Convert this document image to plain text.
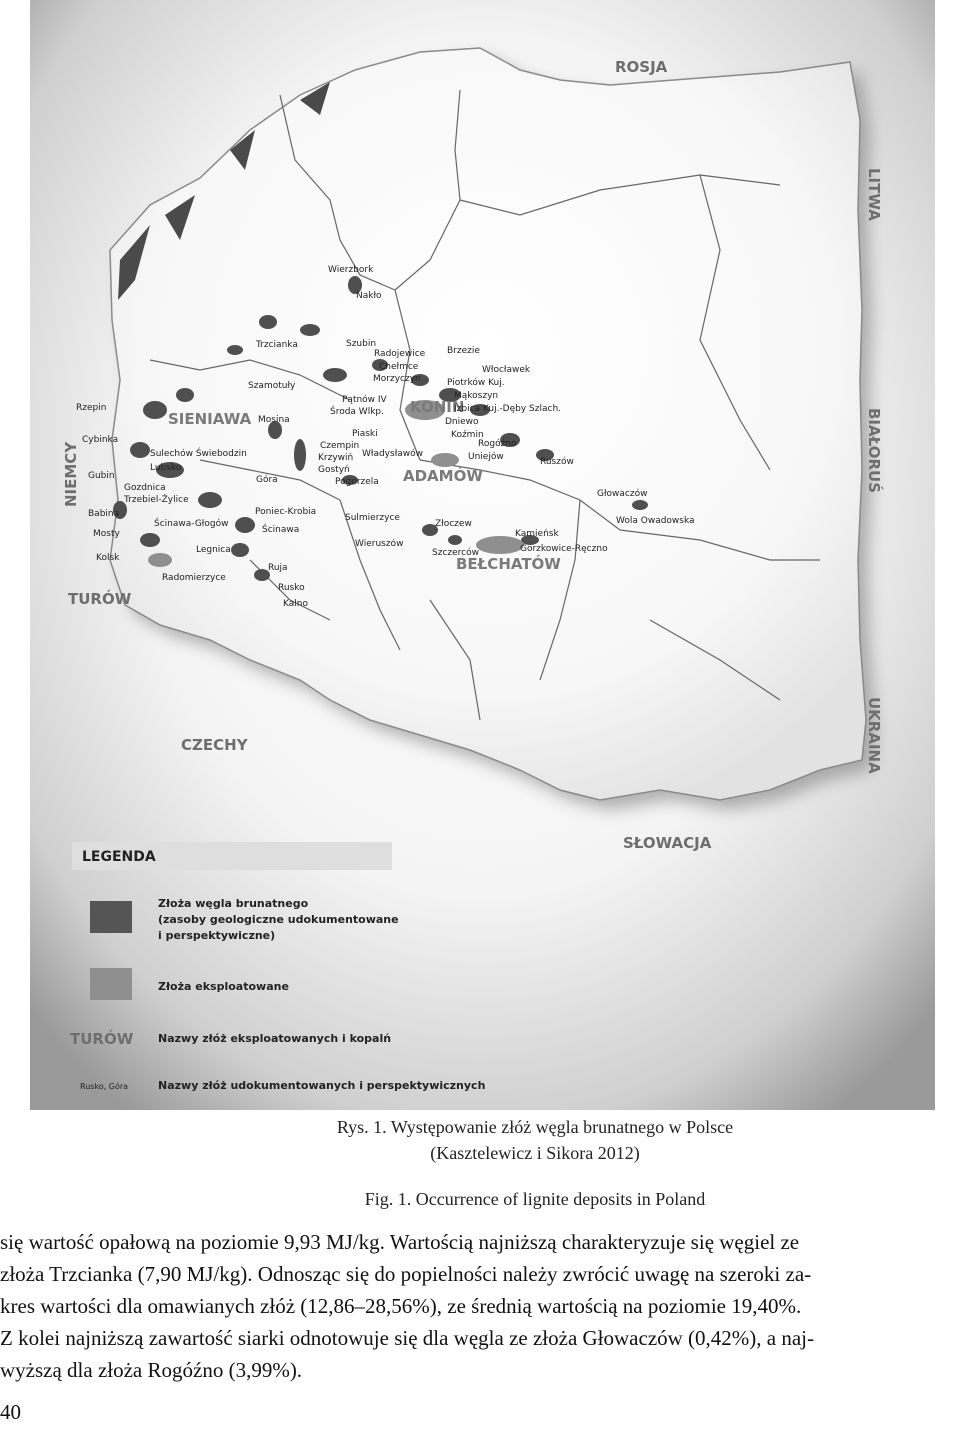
ROSJA
CZECHY
SŁOWACJA
TURÓW
LITWA
BIAŁORUŚ
UKRAINA
NIEMCY
SIENIAWA
KONIN
ADAMÓW
BEŁCHATÓW
Wierzbork
Nakło
Szubin
Radojewice Brzezie
Chełmce
Morzyczyn
Włocławek
Piotrków Kuj.
Trzcianka
Szamotuły
Pątnów IV
Środa Wlkp.
Mąkoszyn
Izbica Kuj.-Dęby Szlach.
Dniewo
Koźmin
Rogóźno
Mosina
Piaski
Czempin
Krzywiń
Gostyń
Władysławów	Uniejów	Ruszów
Pogorzela
Góra
Rzepin
Cybinka
Gubin
Sulechów Świebodzin
Lubsko
Babina
Mosty
Kolsk
Gozdnica
Trzebiel-Żylice
Ścinawa-Głogów
Legnica
Radomierzyce
Poniec-Krobia
Sulmierzyce
Ścinawa
Ruja
Rusko
Kalno
Wieruszów
Złoczew
Szczerców
Kamieńsk
Gorzkowice-Ręczno
Głowaczów
Wola Owadowska
LEGENDA
Złoża węgla brunatnego (zasoby geologiczne udokumentowane i perspektywiczne)
Złoża eksploatowane
TURÓW Nazwy złóż eksploatowanych i kopalń
Rusko, Góra	Nazwy złóż udokumentowanych i perspektywicznych
Rys. 1. Występowanie złóż węgla brunatnego w Polsce
(Kasztelewicz i Sikora 2012)
Fig. 1. Occurrence of lignite deposits in Poland

się wartość opałową na poziomie 9,93 MJ/kg. Wartością najniższą charakteryzuje się węgiel ze

złoża Trzcianka (7,90 MJ/kg). Odnosząc się do popielności należy zwrócić uwagę na szeroki za-

kres wartości dla omawianych złóż (12,86–28,56%), ze średnią wartością na poziomie 19,40%.

Z kolei najniższą zawartość siarki odnotowuje się dla węgla ze złoża Głowaczów (0,42%), a naj-

wyższą dla złoża Rogóźno (3,99%).

40
